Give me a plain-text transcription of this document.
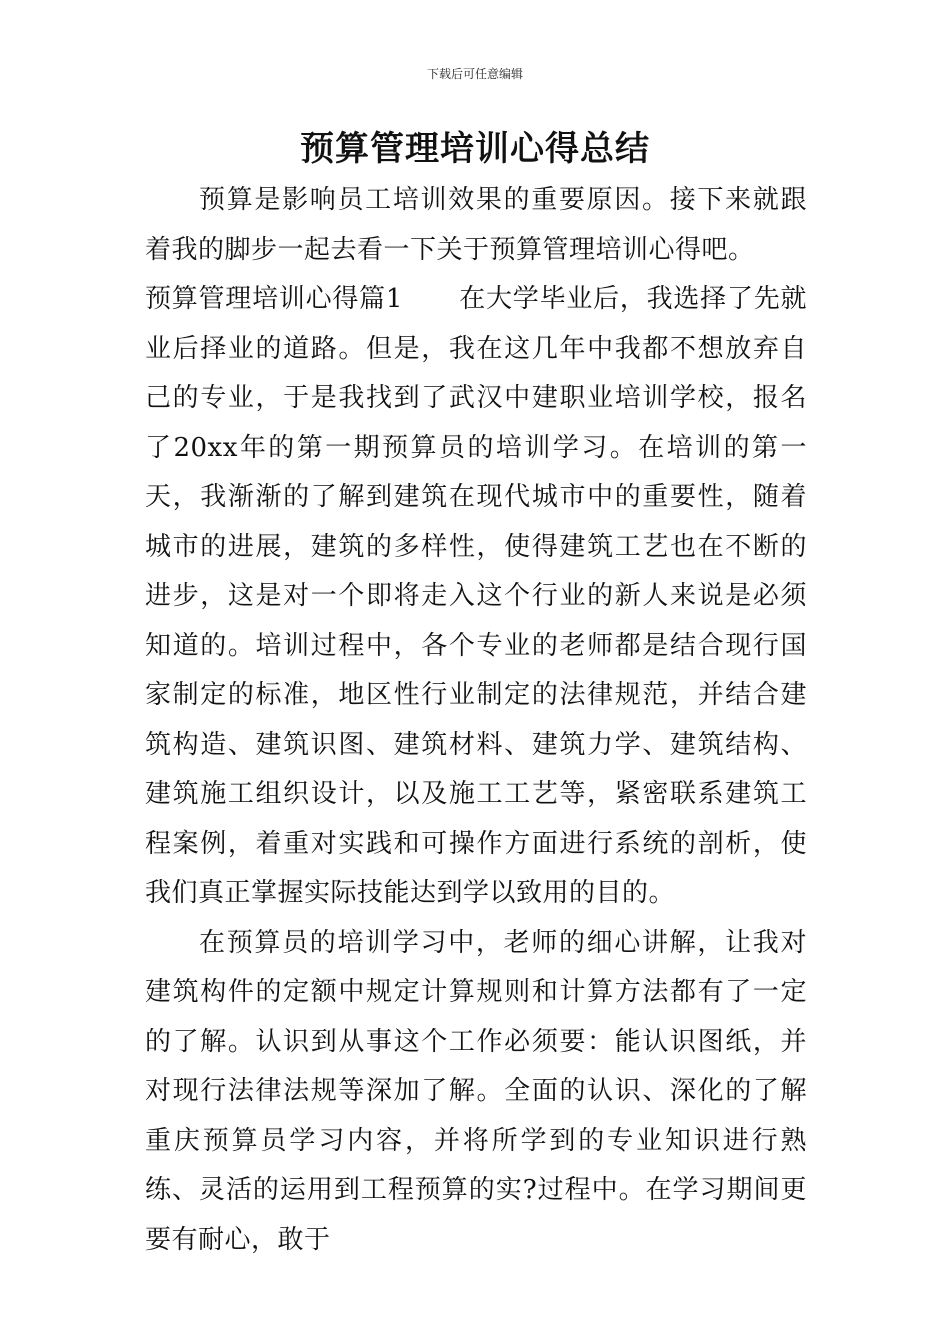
下载后可任意编辑
预算管理培训心得总结

预算是影响员工培训效果的重要原因。接下来就跟着我的脚步一起去看一下关于预算管理培训心得吧。

预算管理培训心得篇1 在大学毕业后，我选择了先就业后择业的道路。但是，我在这几年中我都不想放弃自己的专业，于是我找到了武汉中建职业培训学校，报名了20xx年的第一期预算员的培训学习。在培训的第一天，我渐渐的了解到建筑在现代城市中的重要性，随着城市的进展，建筑的多样性，使得建筑工艺也在不断的进步，这是对一个即将走入这个行业的新人来说是必须知道的。培训过程中，各个专业的老师都是结合现行国家制定的标准，地区性行业制定的法律规范，并结合建筑构造、建筑识图、建筑材料、建筑力学、建筑结构、建筑施工组织设计，以及施工工艺等，紧密联系建筑工程案例，着重对实践和可操作方面进行系统的剖析，使我们真正掌握实际技能达到学以致用的目的。

在预算员的培训学习中，老师的细心讲解，让我对建筑构件的定额中规定计算规则和计算方法都有了一定的了解。认识到从事这个工作必须要：能认识图纸，并对现行法律法规等深加了解。全面的认识、深化的了解重庆预算员学习内容，并将所学到的专业知识进行熟练、灵活的运用到工程预算的实?过程中。在学习期间更要有耐心，敢于
